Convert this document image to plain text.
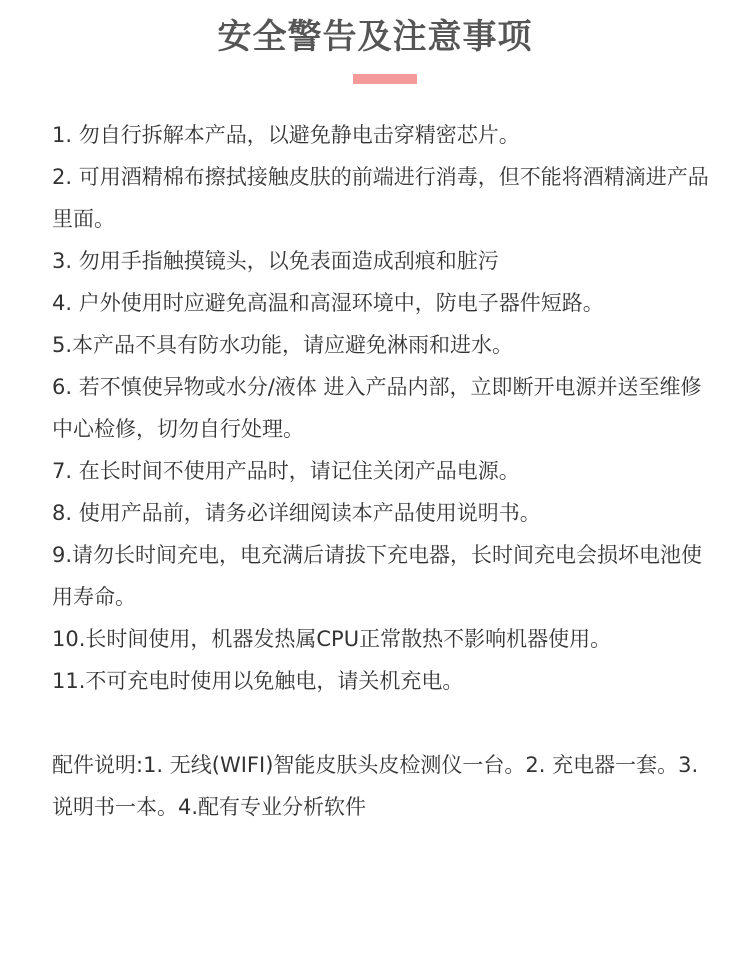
安全警告及注意事项
1. 勿自行拆解本产品，以避免静电击穿精密芯片。
2. 可用酒精棉布擦拭接触皮肤的前端进行消毒，但不能将酒精滴进产品里面。
3. 勿用手指触摸镜头，以免表面造成刮痕和脏污
4. 户外使用时应避免高温和高湿环境中，防电子器件短路。
5.本产品不具有防水功能，请应避免淋雨和进水。
6. 若不慎使异物或水分/液体 进入产品内部，立即断开电源并送至维修中心检修，切勿自行处理。
7. 在长时间不使用产品时，请记住关闭产品电源。
8. 使用产品前，请务必详细阅读本产品使用说明书。
9.请勿长时间充电，电充满后请拔下充电器，长时间充电会损坏电池使用寿命。
10.长时间使用，机器发热属CPU正常散热不影响机器使用。
11.不可充电时使用以免触电，请关机充电。
配件说明:1. 无线(WIFI)智能皮肤头皮检测仪一台。2. 充电器一套。3. 说明书一本。4.配有专业分析软件
